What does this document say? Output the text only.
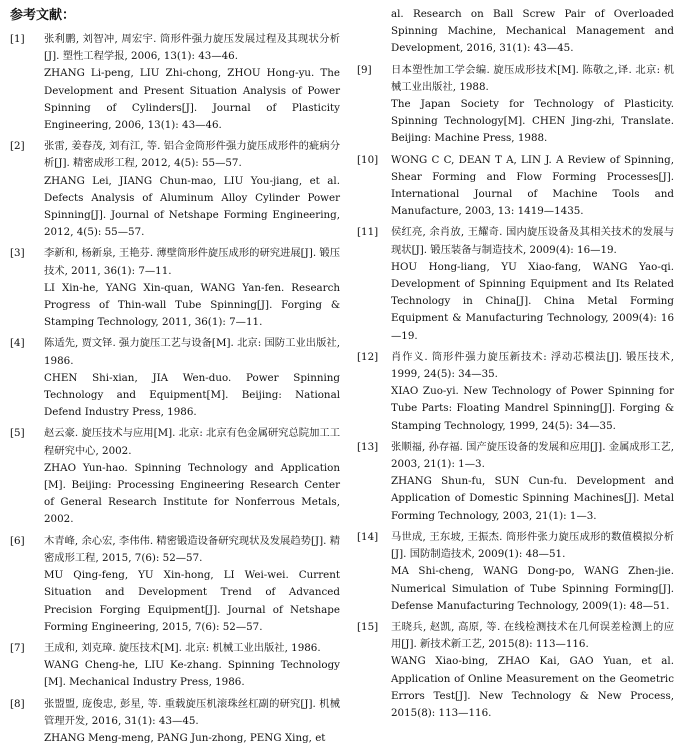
参考文献：
[1] 张利鹏, 刘智冲, 周宏宇. 筒形件强力旋压发展过程及其现状分析[J]. 塑性工程学报, 2006, 13(1): 43—46.
ZHANG Li-peng, LIU Zhi-chong, ZHOU Hong-yu. The Development and Present Situation Analysis of Power Spinning of Cylinders[J]. Journal of Plasticity Engineering, 2006, 13(1): 43—46.
[2] 张雷, 姜春茂, 刘有江, 等. 铝合金筒形件强力旋压成形件的疵病分析[J]. 精密成形工程, 2012, 4(5): 55—57.
ZHANG Lei, JIANG Chun-mao, LIU You-jiang, et al. Defects Analysis of Aluminum Alloy Cylinder Power Spinning[J]. Journal of Netshape Forming Engineering, 2012, 4(5): 55—57.
[3] 李新和, 杨新泉, 王艳芬. 薄壁筒形件旋压成形的研究进展[J]. 锻压技术, 2011, 36(1): 7—11.
LI Xin-he, YANG Xin-quan, WANG Yan-fen. Research Progress of Thin-wall Tube Spinning[J]. Forging & Stamping Technology, 2011, 36(1): 7—11.
[4] 陈适先, 贾文铎. 强力旋压工艺与设备[M]. 北京: 国防工业出版社, 1986.
CHEN Shi-xian, JIA Wen-duo. Power Spinning Technology and Equipment[M]. Beijing: National Defend Industry Press, 1986.
[5] 赵云豪. 旋压技术与应用[M]. 北京: 北京有色金属研究总院加工工程研究中心, 2002.
ZHAO Yun-hao. Spinning Technology and Application [M]. Beijing: Processing Engineering Research Center of General Research Institute for Nonferrous Metals, 2002.
[6] 木青峰, 余心宏, 李伟伟. 精密锻造设备研究现状及发展趋势[J]. 精密成形工程, 2015, 7(6): 52—57.
MU Qing-feng, YU Xin-hong, LI Wei-wei. Current Situation and Development Trend of Advanced Precision Forging Equipment[J]. Journal of Netshape Forming Engineering, 2015, 7(6): 52—57.
[7] 王成和, 刘克璋. 旋压技术[M]. 北京: 机械工业出版社, 1986.
WANG Cheng-he, LIU Ke-zhang. Spinning Technology [M]. Mechanical Industry Press, 1986.
[8] 张盟盟, 庞俊忠, 彭星, 等. 重载旋压机滚珠丝杠副的研究[J]. 机械管理开发, 2016, 31(1): 43—45.
ZHANG Meng-meng, PANG Jun-zhong, PENG Xing, et
al. Research on Ball Screw Pair of Overloaded Spinning Machine, Mechanical Management and Development, 2016, 31(1): 43—45.
[9] 日本塑性加工学会编. 旋压成形技术[M]. 陈敬之,译. 北京: 机械工业出版社, 1988.
The Japan Society for Technology of Plasticity. Spinning Technology[M]. CHEN Jing-zhi, Translate. Beijing: Machine Press, 1988.
[10] WONG C C, DEAN T A, LIN J. A Review of Spinning, Shear Forming and Flow Forming Processes[J]. International Journal of Machine Tools and Manufacture, 2003, 13: 1419—1435.
[11] 侯红亮, 余肖放, 王耀奇. 国内旋压设备及其相关技术的发展与现状[J]. 锻压装备与制造技术, 2009(4): 16—19.
HOU Hong-liang, YU Xiao-fang, WANG Yao-qi. Development of Spinning Equipment and Its Related Technology in China[J]. China Metal Forming Equipment & Manufacturing Technology, 2009(4): 16—19.
[12] 肖作义. 筒形件强力旋压新技术: 浮动芯模法[J]. 锻压技术, 1999, 24(5): 34—35.
XIAO Zuo-yi. New Technology of Power Spinning for Tube Parts: Floating Mandrel Spinning[J]. Forging & Stamping Technology, 1999, 24(5): 34—35.
[13] 张顺福, 孙存福. 国产旋压设备的发展和应用[J]. 金属成形工艺, 2003, 21(1): 1—3.
ZHANG Shun-fu, SUN Cun-fu. Development and Application of Domestic Spinning Machines[J]. Metal Forming Technology, 2003, 21(1): 1—3.
[14] 马世成, 王东坡, 王振杰. 筒形件张力旋压成形的数值模拟分析[J]. 国防制造技术, 2009(1): 48—51.
MA Shi-cheng, WANG Dong-po, WANG Zhen-jie. Numerical Simulation of Tube Spinning Forming[J]. Defense Manufacturing Technology, 2009(1): 48—51.
[15] 王晓兵, 赵凯, 高原, 等. 在线检测技术在几何误差检测上的应用[J]. 新技术新工艺, 2015(8): 113—116.
WANG Xiao-bing, ZHAO Kai, GAO Yuan, et al. Application of Online Measurement on the Geometric Errors Test[J]. New Technology & New Process, 2015(8): 113—116.
